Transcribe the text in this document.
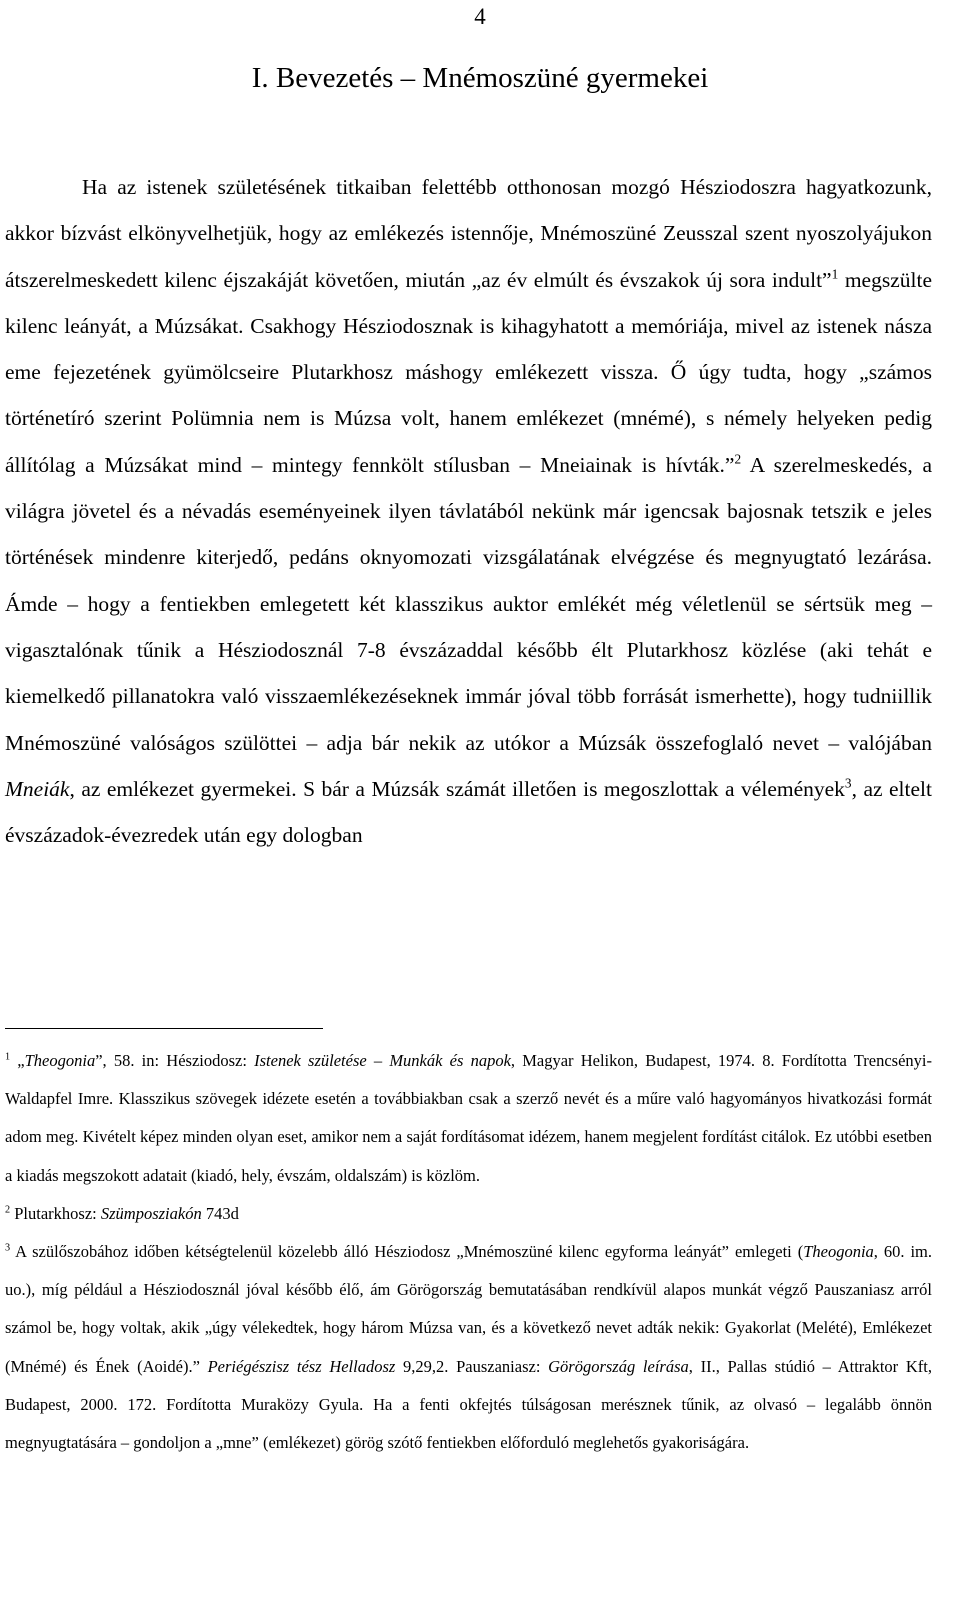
4
I. Bevezetés – Mnémoszüné gyermekei

Ha az istenek születésének titkaiban felettébb otthonosan mozgó Hésziodoszra hagyatkozunk, akkor bízvást elkönyvelhetjük, hogy az emlékezés istennője, Mnémoszüné Zeusszal szent nyoszolyájukon átszerelmeskedett kilenc éjszakáját követően, miután „az év elmúlt és évszakok új sora indult”$^1$ megszülte kilenc leányát, a Múzsákat. Csakhogy Hésziodosznak is kihagyhatott a memóriája, mivel az istenek násza eme fejezetének gyümölcseire Plutarkhosz máshogy emlékezett vissza. Ő úgy tudta, hogy „számos történetíró szerint Polümnia nem is Múzsa volt, hanem emlékezet (mnémé), s némely helyeken pedig állítólag a Múzsákat mind – mintegy fennkölt stílusban – Mneiainak is hívták.”$^2$ A szerelmeskedés, a világra jövetel és a névadás eseményeinek ilyen távlatából nekünk már igencsak bajosnak tetszik e jeles történések mindenre kiterjedő, pedáns oknyomozati vizsgálatának elvégzése és megnyugtató lezárása. Ámde – hogy a fentiekben emlegetett két klasszikus auktor emlékét még véletlenül se sértsük meg – vigasztalónak tűnik a Hésziodosznál 7-8 évszázaddal később élt Plutarkhosz közlése (aki tehát e kiemelkedő pillanatokra való visszaemlékezéseknek immár jóval több forrását ismerhette), hogy tudniillik Mnémoszüné valóságos szülöttei – adja bár nekik az utókor a Múzsák összefoglaló nevet – valójában Mneiák, az emlékezet gyermekei. S bár a Múzsák számát illetően is megoszlottak a vélemények$^3$, az eltelt évszázadok-évezredek után egy dologban

$^1$ „Theogonia”, 58. in: Hésziodosz: Istenek születése – Munkák és napok, Magyar Helikon, Budapest, 1974. 8. Fordította Trencsényi-Waldapfel Imre. Klasszikus szövegek idézete esetén a továbbiakban csak a szerző nevét és a műre való hagyományos hivatkozási formát adom meg. Kivételt képez minden olyan eset, amikor nem a saját fordításomat idézem, hanem megjelent fordítást citálok. Ez utóbbi esetben a kiadás megszokott adatait (kiadó, hely, évszám, oldalszám) is közlöm.

$^2$ Plutarkhosz: Szümposziakón 743d

$^3$ A szülőszobához időben kétségtelenül közelebb álló Hésziodosz „Mnémoszüné kilenc egyforma leányát” emlegeti (Theogonia, 60. im. uo.), míg például a Hésziodosznál jóval később élő, ám Görögország bemutatásában rendkívül alapos munkát végző Pauszaniasz arról számol be, hogy voltak, akik „úgy vélekedtek, hogy három Múzsa van, és a következő nevet adták nekik: Gyakorlat (Melété), Emlékezet (Mnémé) és Ének (Aoidé).” Periégészisz tész Helladosz 9,29,2. Pauszaniasz: Görögország leírása, II., Pallas stúdió – Attraktor Kft, Budapest, 2000. 172. Fordította Muraközy Gyula. Ha a fenti okfejtés túlságosan merésznek tűnik, az olvasó – legalább önnön megnyugtatására – gondoljon a „mne” (emlékezet) görög szótő fentiekben előforduló meglehetős gyakoriságára.
